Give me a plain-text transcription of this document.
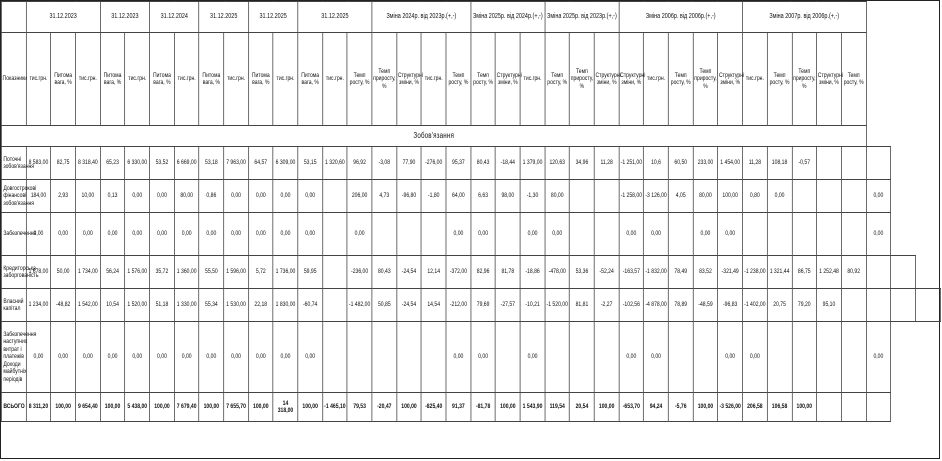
	31.12.2023			31.12.2023		31.12.2024		31.12.2025		31.12.2025		31.12.2025			Зміна 2024р. від 2023р.(+,-)				Зміна 2025р. від 2024р.(+,-)			Зміна 2025р. від 2023р.(+,-)			Зміна 2006р. від 2006р.(+,-)					Зміна 2007р. від 2006р.(+,-)							
Показники	тис.грн.	Питома вага, %	тис.грн.	Питома вага, %	тис.грн.	Питома вага, %	тис.грн.	Питома вага, %	тис.грн.	Питома вага, %	тис.грн.	Питома вага, %	тис.грн.	Темп росту, %	Темп приросту, %	Структурні зміни, %	тис.грн.	Темп росту, %	Темп росту, %	Структурні зміни, %	тис.грн.	Темп росту, %	Темп приросту, %	Структурні зміни, %	Структурні зміни, %	тис.грн.	Темп росту, %	Темп приросту, %	Структурні зміни, %	тис.грн.	Темп росту, %	Темп приросту, %	Структурні зміни, %	Темп росту, %			
Зобов'язання																																					
Поточні зобов'язання	8 583,00	82,75	8 318,40	65,23	6 330,00	53,52	6 669,00	53,18	7 963,00	64,57	6 309,00	53,15	1 320,60	96,92	-3,08	77,90	-276,00	95,37	80,43	-18,44	1 379,00	120,63	34,96	11,28	-1 251,00	10,6	60,50	233,00	1 454,00	11,28	108,18	-0,57					
Довгострокові фінансові зобов'язання	184,00	2,93	10,00	0,13	0,00	0,00	80,00	0,86	0,00	0,00	0,00	0,00		206,00	4,73	-96,80	-1,80	64,00	6,63	98,00	-1,30	80,00			-1 258,00	-3 126,00	4,05	80,00	100,00	0,80	0,00				0,00		
Забезпечення	0,00	0,00	0,00	0,00	0,00	0,00	0,00	0,00	0,00	0,00	0,00	0,00		0,00				0,00	0,00		0,00	0,00			0,00	0,00		0,00	0,00						0,00		
Кредиторська заборгованість	1 678,00	50,00	1 734,00	56,24	1 576,00	35,72	1 360,00	55,50	1 596,00	5,72	1 736,00	59,95		-236,00	80,43	-24,54	12,14	-372,00	82,96	81,78	-18,86	-478,00	53,36	-52,24	-163,57	-1 832,00	78,49	83,52	-321,49	-1 238,00	1 321,44	86,75	1 252,48	80,92			
Власний капітал	1 234,00	-48,82	1 542,00	10,54	1 520,00	51,18	1 330,00	55,34	1 530,00	22,18	1 830,00	-60,74		-1 482,00	50,85	-24,54	14,54	-212,00	79,69	-27,57	-10,21	-1 520,00	81,81	-2,27	-102,56	-4 878,00	78,89	-48,59	-96,83	-1 402,00	20,75	79,20	95,10				
Забезпечення наступних витрат і платежів Доходи майбутніх періодів	0,00	0,00	0,00	0,00	0,00	0,00	0,00	0,00	0,00	0,00	0,00	0,00						0,00	0,00		0,00				0,00	0,00			0,00	0,00					0,00		
ВСЬОГО	8 311,20	100,00	9 654,40	100,00	5 438,00	100,00	7 679,40	100,00	7 655,70	100,00	14 318,00	100,00	-1 465,10	79,53	-20,47	100,00	-825,40	91,37	-81,78	100,00	1 543,90	119,54	20,54	100,00	-653,70	94,24	-5,76	100,00	-3 526,00	206,58	106,58	100,00					
